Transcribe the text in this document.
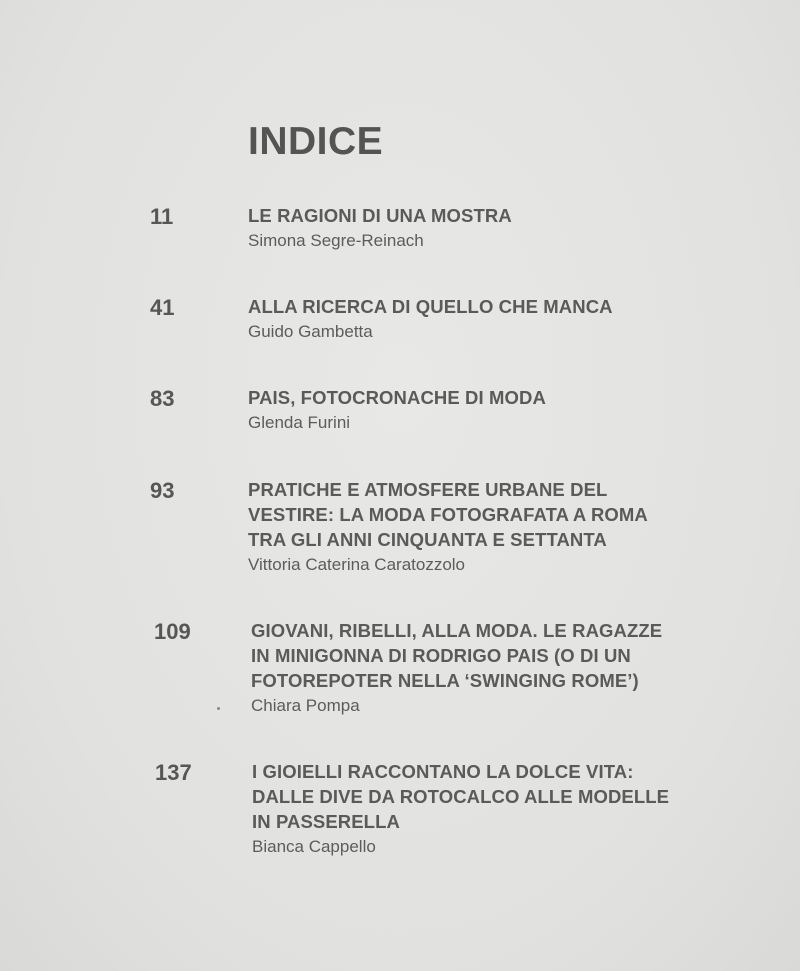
INDICE
11	LE RAGIONI DI UNA MOSTRA
Simona Segre-Reinach
41	ALLA RICERCA DI QUELLO CHE MANCA
Guido Gambetta
83	PAIS, FOTOCRONACHE DI MODA
Glenda Furini
93	PRATICHE E ATMOSFERE URBANE DEL
VESTIRE: LA MODA FOTOGRAFATA A ROMA
TRA GLI ANNI CINQUANTA E SETTANTA
Vittoria Caterina Caratozzolo
109	GIOVANI, RIBELLI, ALLA MODA. LE RAGAZZE
IN MINIGONNA DI RODRIGO PAIS (O DI UN
FOTOREPOTER NELLA ‘SWINGING ROME’)
Chiara Pompa
137	I GIOIELLI RACCONTANO LA DOLCE VITA:
DALLE DIVE DA ROTOCALCO ALLE MODELLE
IN PASSERELLA
Bianca Cappello
